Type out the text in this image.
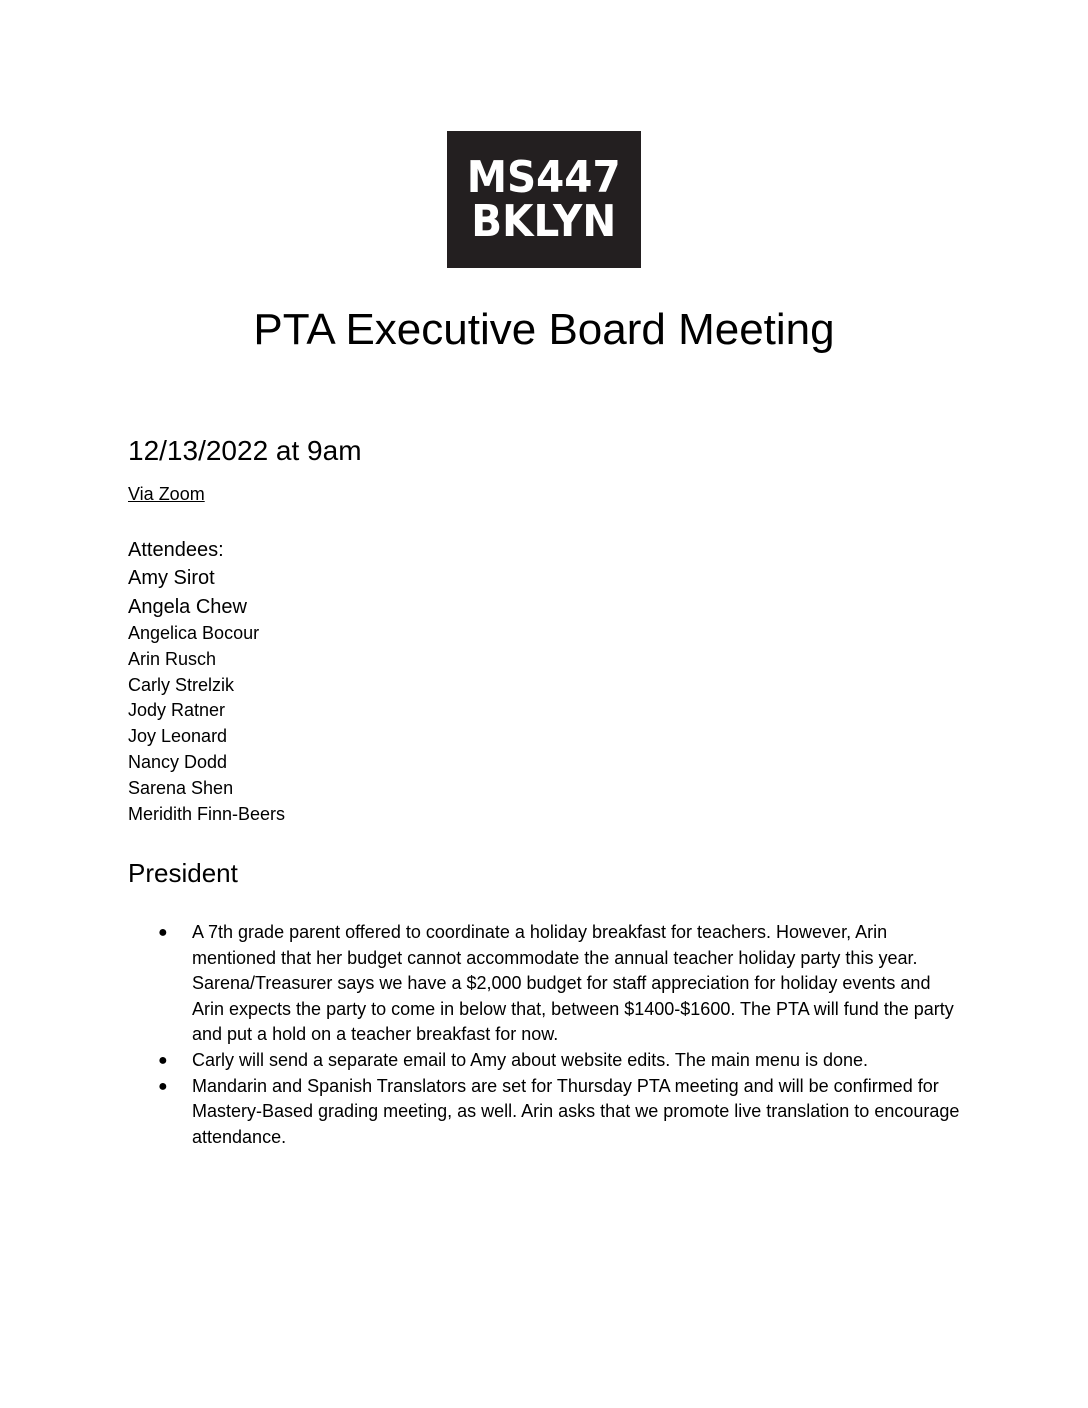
MS447
BKLYN
PTA Executive Board Meeting
12/13/2022 at 9am
Via Zoom
Attendees:
Amy Sirot
Angela Chew
Angelica Bocour
Arin Rusch
Carly Strelzik
Jody Ratner
Joy Leonard
Nancy Dodd
Sarena Shen
Meridith Finn-Beers
President
● A 7th grade parent offered to coordinate a holiday breakfast for teachers. However, Arin mentioned that her budget cannot accommodate the annual teacher holiday party this year. Sarena/Treasurer says we have a $2,000 budget for staff appreciation for holiday events and Arin expects the party to come in below that, between $1400-$1600. The PTA will fund the party and put a hold on a teacher breakfast for now.
● Carly will send a separate email to Amy about website edits. The main menu is done.
● Mandarin and Spanish Translators are set for Thursday PTA meeting and will be confirmed for Mastery-Based grading meeting, as well. Arin asks that we promote live translation to encourage attendance.
